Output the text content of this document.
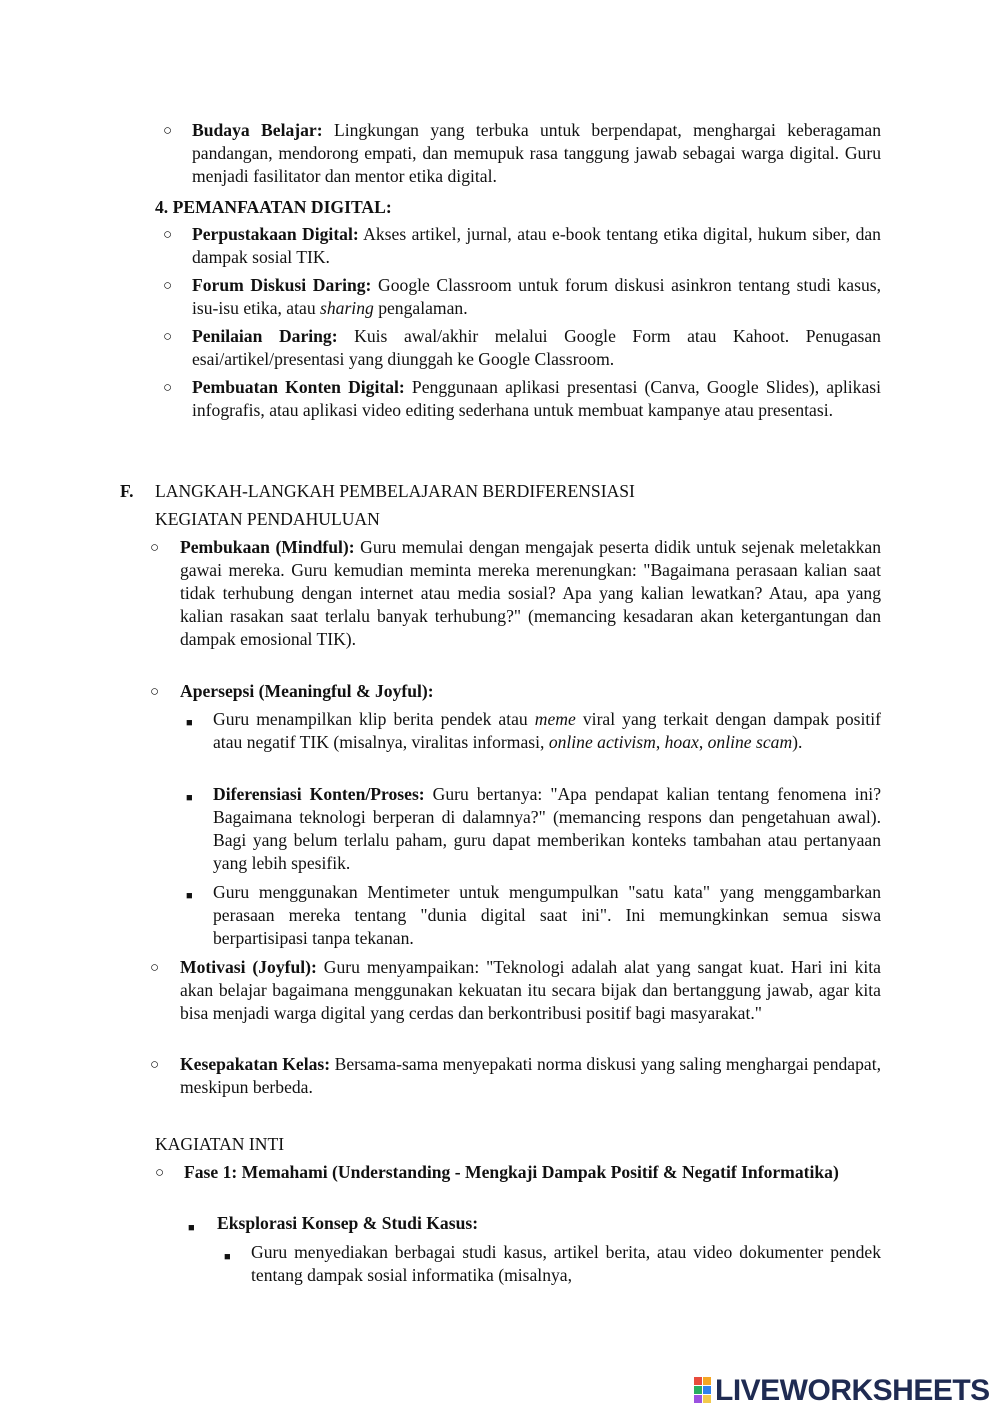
○ Budaya Belajar: Lingkungan yang terbuka untuk berpendapat, menghargai keberagaman pandangan, mendorong empati, dan memupuk rasa tanggung jawab sebagai warga digital. Guru menjadi fasilitator dan mentor etika digital.
4. PEMANFAATAN DIGITAL:
○ Perpustakaan Digital: Akses artikel, jurnal, atau e-book tentang etika digital, hukum siber, dan dampak sosial TIK.
○ Forum Diskusi Daring: Google Classroom untuk forum diskusi asinkron tentang studi kasus, isu-isu etika, atau sharing pengalaman.
○ Penilaian Daring: Kuis awal/akhir melalui Google Form atau Kahoot. Penugasan esai/artikel/presentasi yang diunggah ke Google Classroom.
○ Pembuatan Konten Digital: Penggunaan aplikasi presentasi (Canva, Google Slides), aplikasi infografis, atau aplikasi video editing sederhana untuk membuat kampanye atau presentasi.
F. LANGKAH-LANGKAH PEMBELAJARAN BERDIFERENSIASI
KEGIATAN PENDAHULUAN
○ Pembukaan (Mindful): Guru memulai dengan mengajak peserta didik untuk sejenak meletakkan gawai mereka. Guru kemudian meminta mereka merenungkan: "Bagaimana perasaan kalian saat tidak terhubung dengan internet atau media sosial? Apa yang kalian lewatkan? Atau, apa yang kalian rasakan saat terlalu banyak terhubung?" (memancing kesadaran akan ketergantungan dan dampak emosional TIK).
○ Apersepsi (Meaningful & Joyful):
■ Guru menampilkan klip berita pendek atau meme viral yang terkait dengan dampak positif atau negatif TIK (misalnya, viralitas informasi, online activism, hoax, online scam).
■ Diferensiasi Konten/Proses: Guru bertanya: "Apa pendapat kalian tentang fenomena ini? Bagaimana teknologi berperan di dalamnya?" (memancing respons dan pengetahuan awal). Bagi yang belum terlalu paham, guru dapat memberikan konteks tambahan atau pertanyaan yang lebih spesifik.
■ Guru menggunakan Mentimeter untuk mengumpulkan "satu kata" yang menggambarkan perasaan mereka tentang "dunia digital saat ini". Ini memungkinkan semua siswa berpartisipasi tanpa tekanan.
○ Motivasi (Joyful): Guru menyampaikan: "Teknologi adalah alat yang sangat kuat. Hari ini kita akan belajar bagaimana menggunakan kekuatan itu secara bijak dan bertanggung jawab, agar kita bisa menjadi warga digital yang cerdas dan berkontribusi positif bagi masyarakat."
○ Kesepakatan Kelas: Bersama-sama menyepakati norma diskusi yang saling menghargai pendapat, meskipun berbeda.
KAGIATAN INTI
○ Fase 1: Memahami (Understanding - Mengkaji Dampak Positif & Negatif Informatika)
■ Eksplorasi Konsep & Studi Kasus:
■ Guru menyediakan berbagai studi kasus, artikel berita, atau video dokumenter pendek tentang dampak sosial informatika (misalnya,
LIVEWORKSHEETS
